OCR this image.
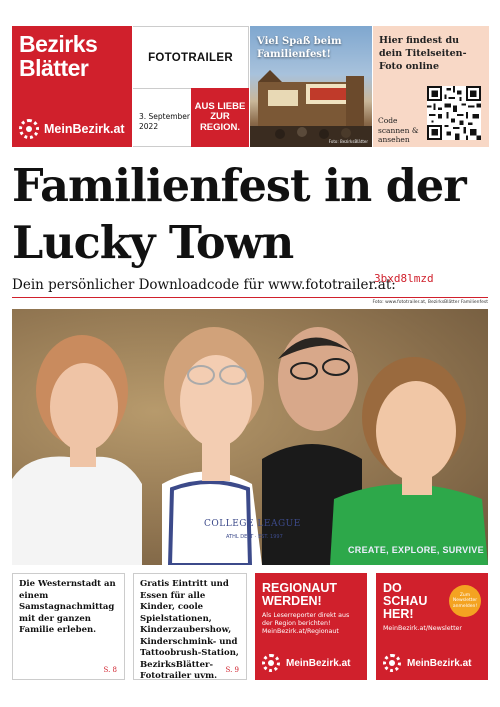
Bezirks
Blätter
MeinBezirk.at
FOTOTRAILER
3. September 2022
AUS LIEBE ZUR REGION.
Viel Spaß beim Familienfest!
Foto: BezirksBlätter
Hier findest du dein Titelseiten-Foto online
Code scannen & ansehen
Familienfest in der Lucky Town
Dein persönlicher Downloadcode für www.fototrailer.at:
3bxd8lmzd
Foto: www.fototrailer.at, BezirksBlätter Familienfest
COLLEGE LEAGUE
ATHL DEPT · EST. 1997
CREATE, EXPLORE, SURVIVE
Die Westernstadt an einem Samstagnachmittag mit der ganzen Familie erleben.
S. 8
Gratis Eintritt und Essen für alle Kinder, coole Spielstationen, Kinderzaubershow, Kinderschmink- und Tattoobrush-Station, BezirksBlätter-Fototrailer uvm.
S. 9
REGIONAUT WERDEN!
Als Leserreporter direkt aus der Region berichten! MeinBezirk.at/Regionaut
MeinBezirk.at
DO SCHAU HER!
MeinBezirk.at/Newsletter
Zum Newsletter anmelden!
MeinBezirk.at
